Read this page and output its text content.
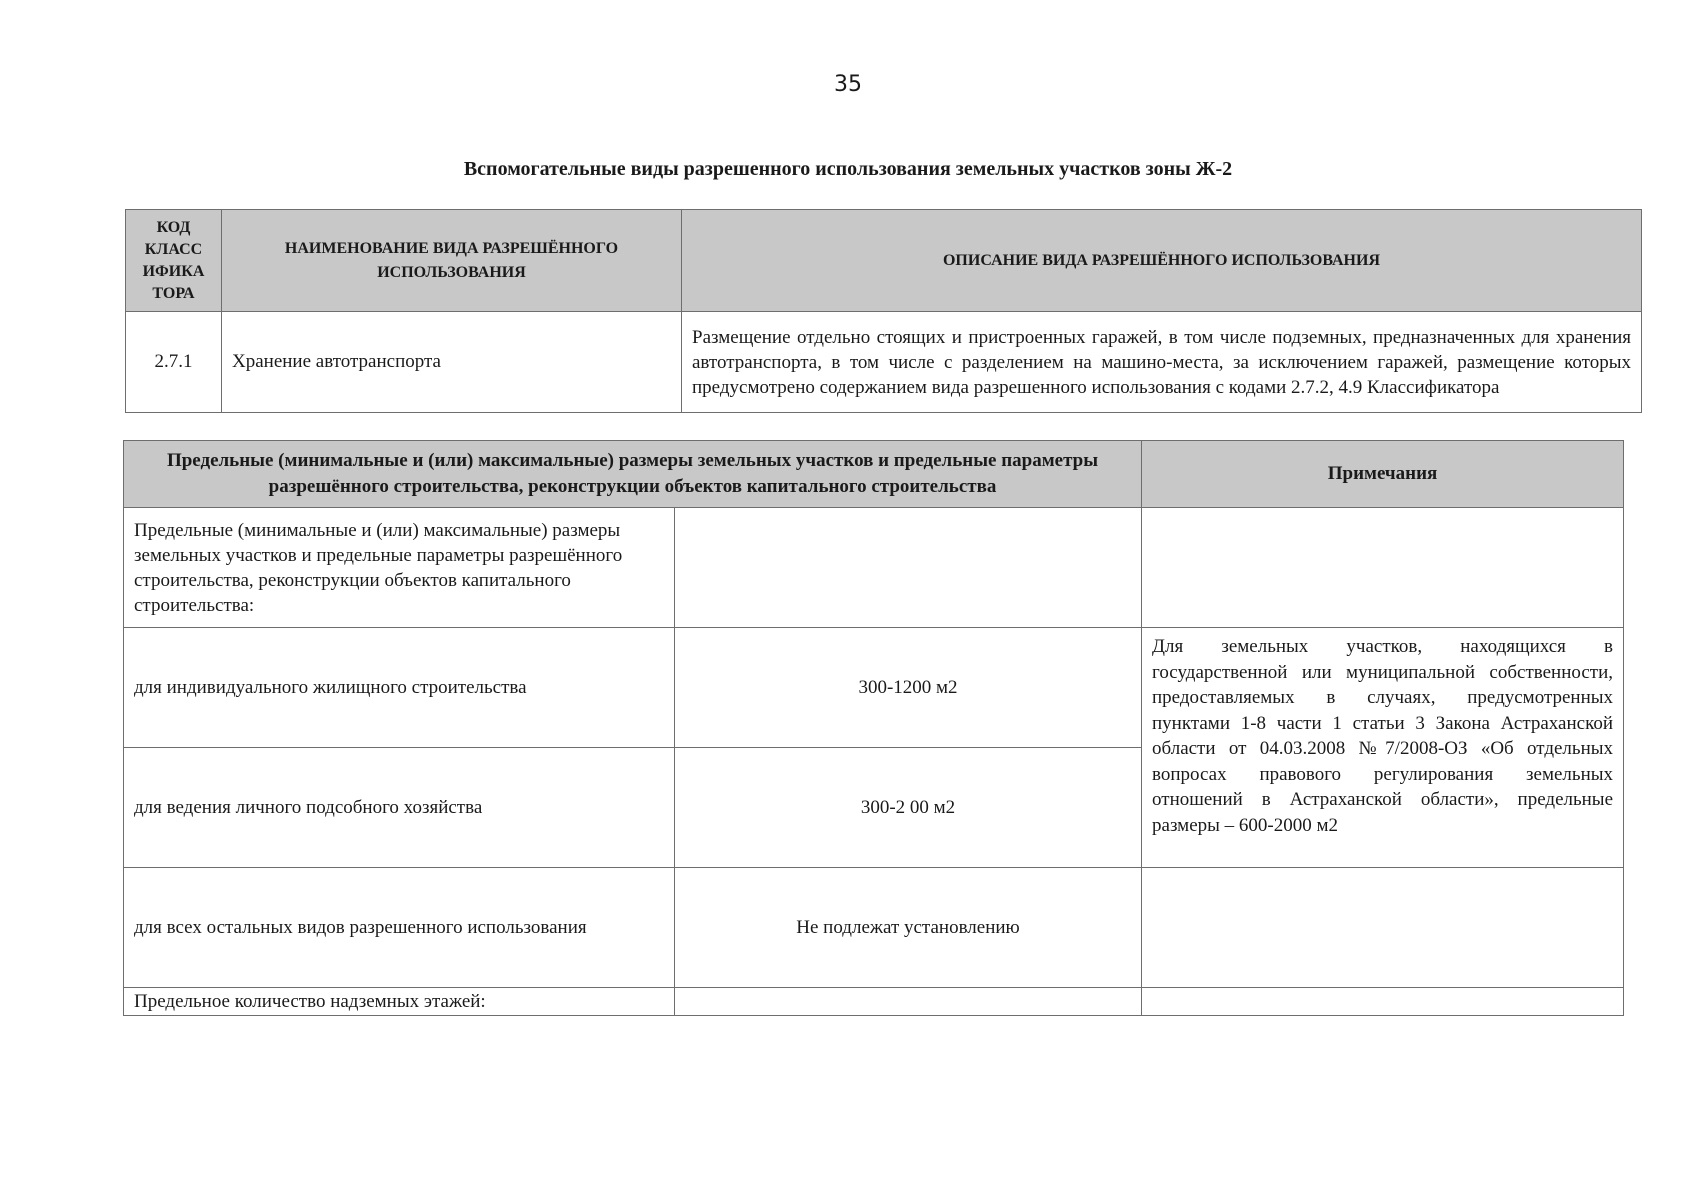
35
Вспомогательные виды разрешенного использования земельных участков зоны Ж-2
КОД КЛАСС ИФИКА ТОРА	НАИМЕНОВАНИЕ ВИДА РАЗРЕШЁННОГО ИСПОЛЬЗОВАНИЯ	ОПИСАНИЕ ВИДА РАЗРЕШЁННОГО ИСПОЛЬЗОВАНИЯ
2.7.1	Хранение автотранспорта	Размещение отдельно стоящих и пристроенных гаражей, в том числе подземных, предназначенных для хранения автотранспорта, в том числе с разделением на машино-места, за исключением гаражей, размещение которых предусмотрено содержанием вида разрешенного использования с кодами 2.7.2, 4.9 Классификатора
Предельные (минимальные и (или) максимальные) размеры земельных участков и предельные параметры разрешённого строительства, реконструкции объектов капитального строительства		Примечания
Предельные (минимальные и (или) максимальные) размеры земельных участков и предельные параметры разрешённого строительства, реконструкции объектов капитального строительства:		
для индивидуального жилищного строительства	300-1200 м2	Для земельных участков, находящихся в государственной или муниципальной собственности, предоставляемых в случаях, предусмотренных пунктами 1-8 части 1 статьи 3 Закона Астраханской области от 04.03.2008 №7/2008-ОЗ «Об отдельных вопросах правового регулирования земельных отношений в Астраханской области», предельные размеры – 600-2000 м2
для ведения личного подсобного хозяйства	300-2 00 м2	
для всех остальных видов разрешенного использования	Не подлежат установлению	
Предельное количество надземных этажей:		
